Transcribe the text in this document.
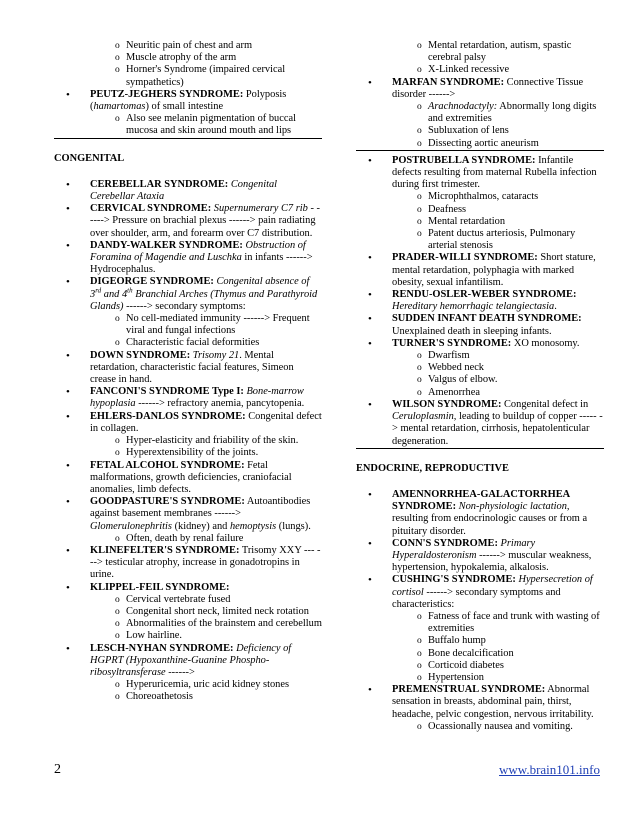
o Neuritic pain of chest and arm
o Muscle atrophy of the arm
o Horner's Syndrome (impaired cervical sympathetics)
• PEUTZ-JEGHERS SYNDROME: Polyposis
(hamartomas) of small intestine
o Also see melanin pigmentation of buccal mucosa and skin around mouth and lips
CONGENITAL
• CEREBELLAR SYNDROME: Congenital Cerebellar Ataxia
• CERVICAL SYNDROME: Supernumerary C7 rib - -----> Pressure on brachial plexus ------> pain radiating over shoulder, arm, and forearm over C7 distribution.
• DANDY-WALKER SYNDROME: Obstruction of Foramina of Magendie and Luschka in infants ------> Hydrocephalus.
• DIGEORGE SYNDROME: Congenital absence of 3rd and 4th Branchial Arches (Thymus and Parathyroid Glands) ------> secondary symptoms:
o No cell-mediated immunity ------> Frequent viral and fungal infections
o Characteristic facial deformities
• DOWN SYNDROME: Trisomy 21. Mental retardation, characteristic facial features, Simeon crease in hand.
• FANCONI'S SYNDROME Type I: Bone-marrow hypoplasia ------> refractory anemia, pancytopenia.
• EHLERS-DANLOS SYNDROME: Congenital defect in collagen.
o Hyper-elasticity and friability of the skin.
o Hyperextensibility of the joints.
• FETAL ALCOHOL SYNDROME: Fetal malformations, growth deficiencies, craniofacial anomalies, limb defects.
• GOODPASTURE'S SYNDROME: Autoantibodies against basement membranes ------> Glomerulonephritis (kidney) and hemoptysis (lungs).
o Often, death by renal failure
• KLINEFELTER'S SYNDROME: Trisomy XXY --- ---> testicular atrophy, increase in gonadotropins in urine.
• KLIPPEL-FEIL SYNDROME:
o Cervical vertebrate fused
o Congenital short neck, limited neck rotation
o Abnormalities of the brainstem and cerebellum
o Low hairline.
• LESCH-NYHAN SYNDROME: Deficiency of HGPRT (Hypoxanthine-Guanine Phospho-ribosyltransferase ------>
o Hyperuricemia, uric acid kidney stones
o Choreoathetosis
o Mental retardation, autism, spastic cerebral palsy
o X-Linked recessive
• MARFAN SYNDROME: Connective Tissue disorder ------>
o Arachnodactyly: Abnormally long digits and extremities
o Subluxation of lens
o Dissecting aortic aneurism
• POSTRUBELLA SYNDROME: Infantile defects resulting from maternal Rubella infection during first trimester.
o Microphthalmos, cataracts
o Deafness
o Mental retardation
o Patent ductus arteriosis, Pulmonary arterial stenosis
• PRADER-WILLI SYNDROME: Short stature, mental retardation, polyphagia with marked obesity, sexual infantilism.
• RENDU-OSLER-WEBER SYNDROME:
Hereditary hemorrhagic telangiectasia.
• SUDDEN INFANT DEATH SYNDROME:
Unexplained death in sleeping infants.
• TURNER'S SYNDROME: XO monosomy.
o Dwarfism
o Webbed neck
o Valgus of elbow.
o Amenorrhea
• WILSON SYNDROME: Congenital defect in Ceruloplasmin, leading to buildup of copper ----- -> mental retardation, cirrhosis, hepatolenticular degeneration.
ENDOCRINE, REPRODUCTIVE
• AMENNORRHEA-GALACTORRHEA SYNDROME: Non-physiologic lactation, resulting from endocrinologic causes or from a pituitary disorder.
• CONN'S SYNDROME: Primary Hyperaldosteronism ------> muscular weakness, hypertension, hypokalemia, alkalosis.
• CUSHING'S SYNDROME: Hypersecretion of cortisol ------> secondary symptoms and characteristics:
o Fatness of face and trunk with wasting of extremities
o Buffalo hump
o Bone decalcification
o Corticoid diabetes
o Hypertension
• PREMENSTRUAL SYNDROME: Abnormal sensation in breasts, abdominal pain, thirst, headache, pelvic congestion, nervous irritability.
o Ocassionally nausea and vomiting.
2	www.brain101.info
